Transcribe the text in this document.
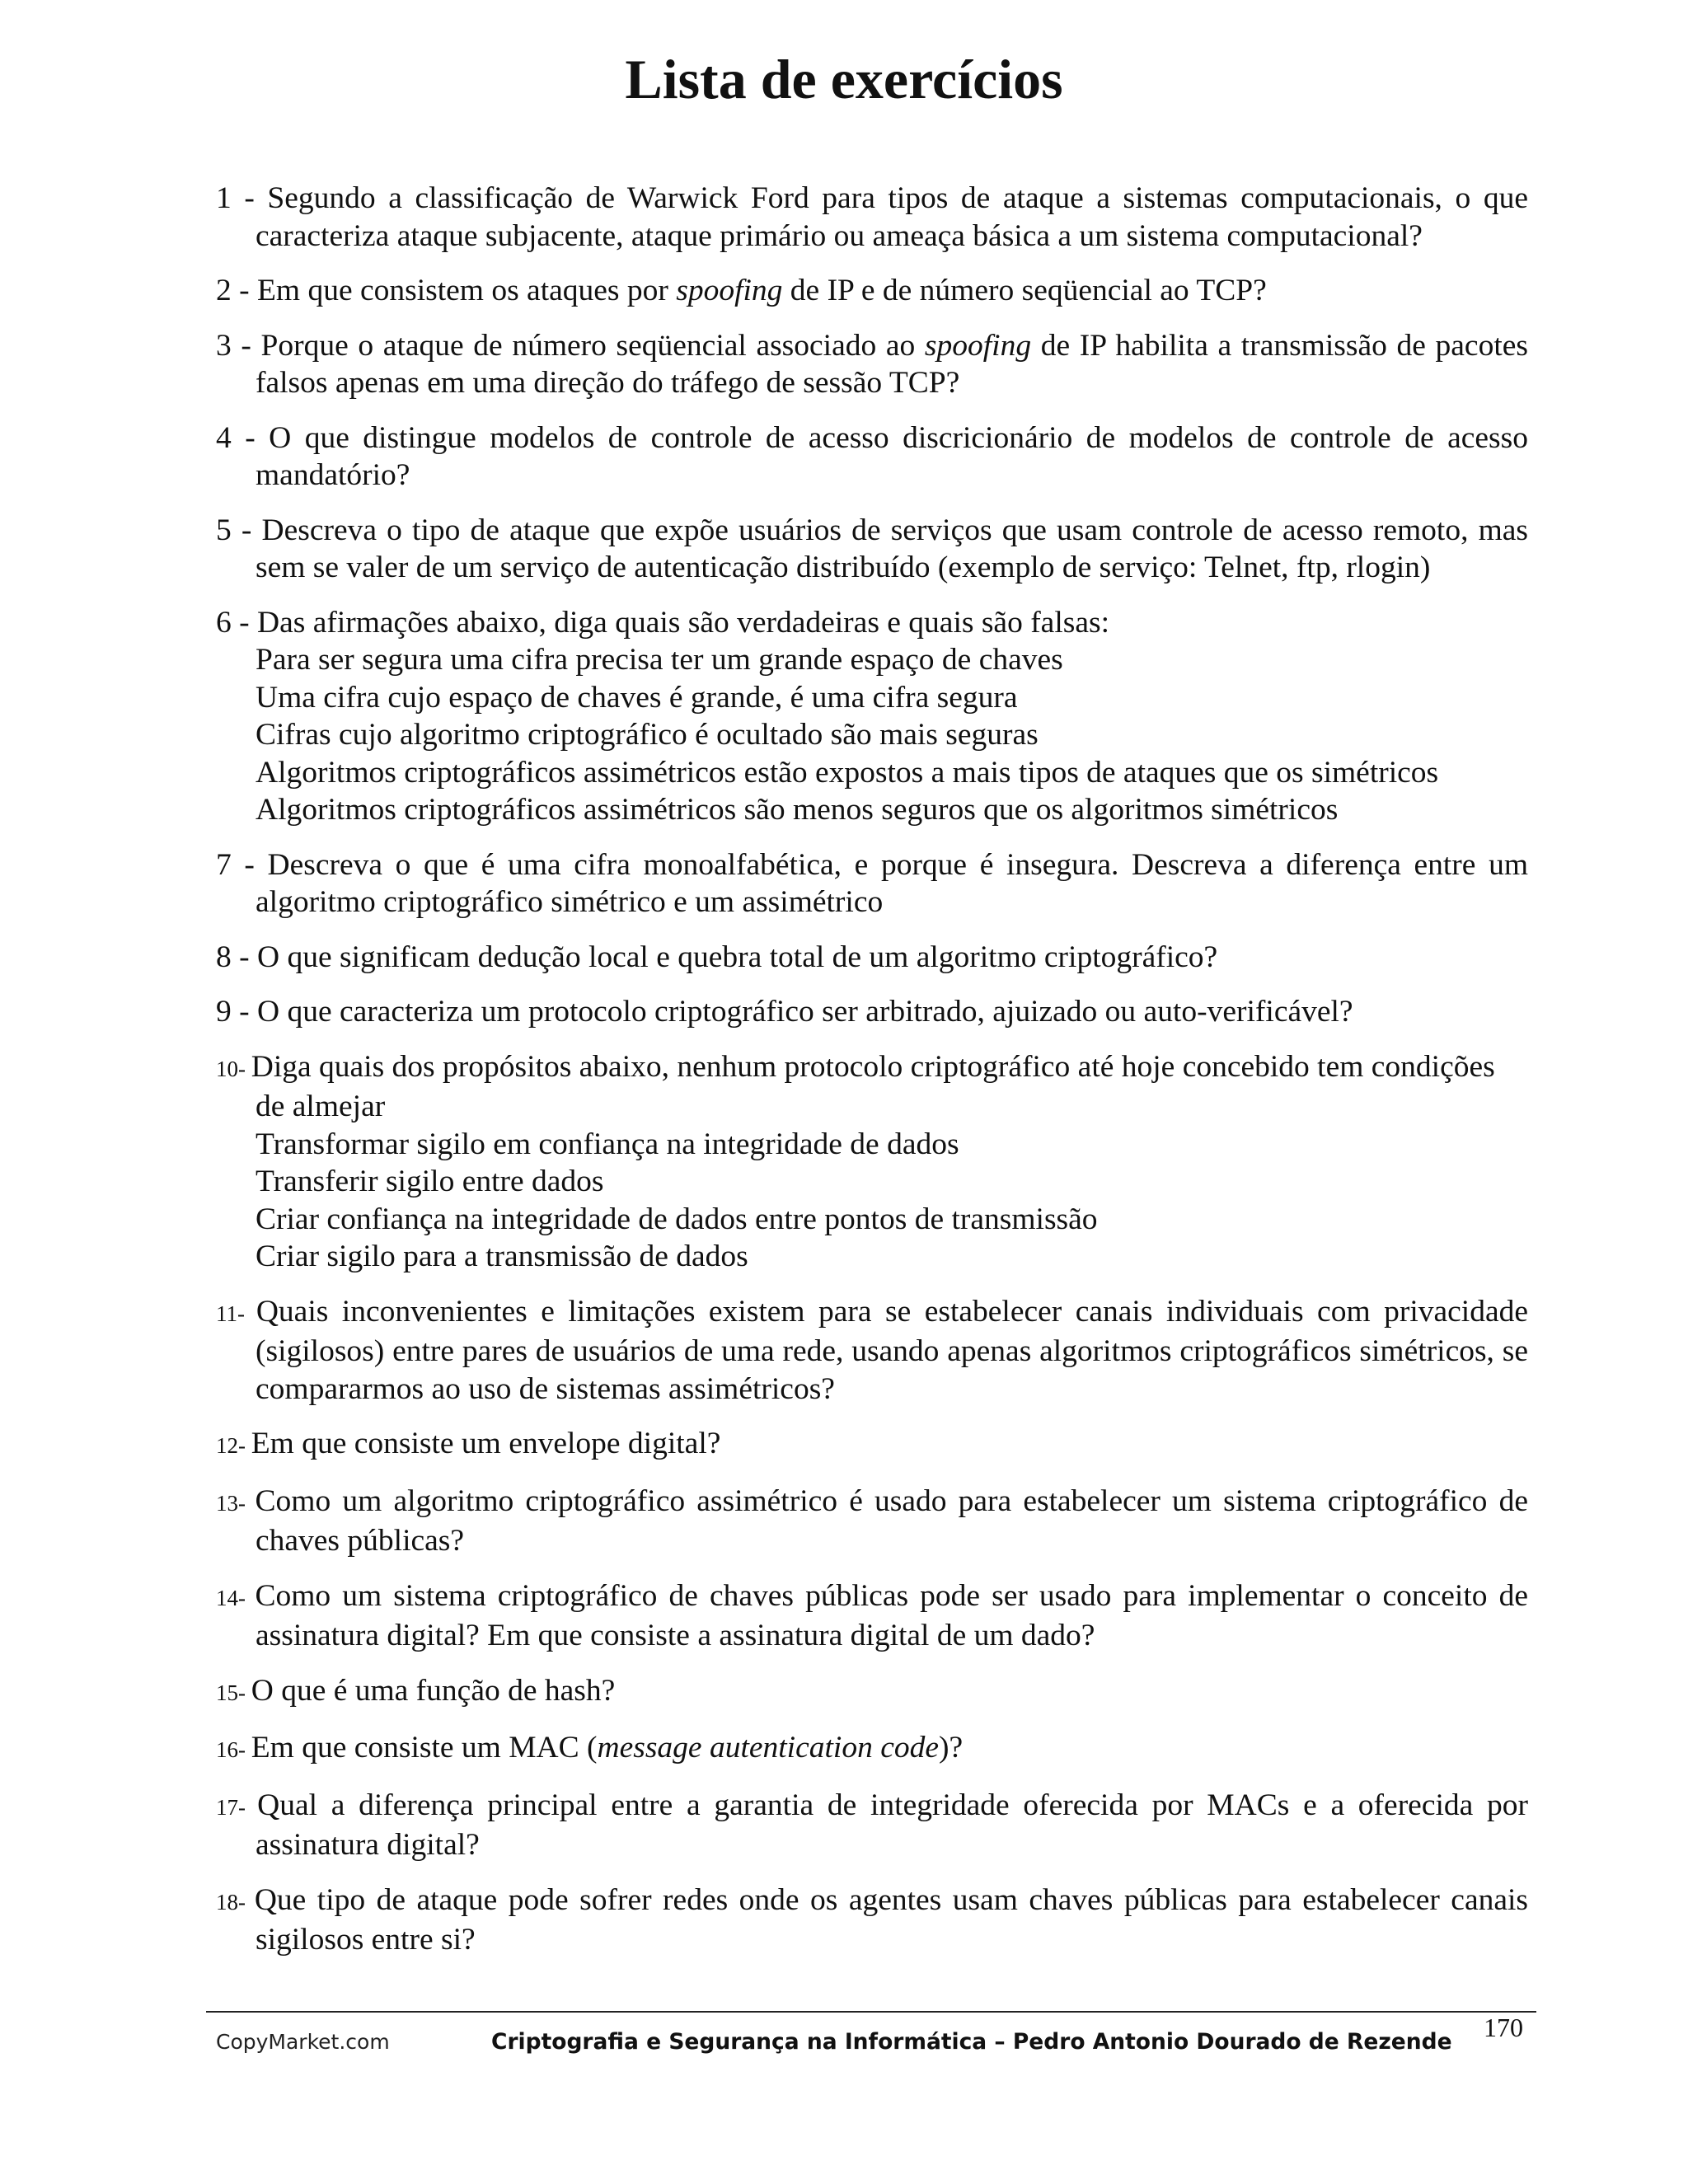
Lista de exercícios

1 - Segundo a classificação de Warwick Ford para tipos de ataque a sistemas computacionais, o que caracteriza ataque subjacente, ataque primário ou ameaça básica a um sistema computacional?

2 - Em que consistem os ataques por spoofing de IP e de número seqüencial ao TCP?

3 - Porque o ataque de número seqüencial associado ao spoofing de IP habilita a transmissão de pacotes falsos apenas em uma direção do tráfego de sessão TCP?

4 - O que distingue modelos de controle de acesso discricionário de modelos de controle de acesso mandatório?

5 - Descreva o tipo de ataque que expõe usuários de serviços que usam controle de acesso remoto, mas sem se valer de um serviço de autenticação distribuído (exemplo de serviço: Telnet, ftp, rlogin)

6 - Das afirmações abaixo, diga quais são verdadeiras e quais são falsas:
Para ser segura uma cifra precisa ter um grande espaço de chaves
Uma cifra cujo espaço de chaves é grande, é uma cifra segura
Cifras cujo algoritmo criptográfico é ocultado são mais seguras
Algoritmos criptográficos assimétricos estão expostos a mais tipos de ataques que os simétricos
Algoritmos criptográficos assimétricos são menos seguros que os algoritmos simétricos

7 - Descreva o que é uma cifra monoalfabética, e porque é insegura. Descreva a diferença entre um algoritmo criptográfico simétrico e um assimétrico

8 - O que significam dedução local e quebra total de um algoritmo criptográfico?

9 - O que caracteriza um protocolo criptográfico ser arbitrado, ajuizado ou auto-verificável?

10- Diga quais dos propósitos abaixo, nenhum protocolo criptográfico até hoje concebido tem condições de almejar
Transformar sigilo em confiança na integridade de dados
Transferir sigilo entre dados
Criar confiança na integridade de dados entre pontos de transmissão
Criar sigilo para a transmissão de dados

11- Quais inconvenientes e limitações existem para se estabelecer canais individuais com privacidade (sigilosos) entre pares de usuários de uma rede, usando apenas algoritmos criptográficos simétricos, se compararmos ao uso de sistemas assimétricos?

12- Em que consiste um envelope digital?

13- Como um algoritmo criptográfico assimétrico é usado para estabelecer um sistema criptográfico de chaves públicas?

14- Como um sistema criptográfico de chaves públicas pode ser usado para implementar o conceito de assinatura digital? Em que consiste a assinatura digital de um dado?

15- O que é uma função de hash?

16- Em que consiste um MAC (message autentication code)?

17- Qual a diferença principal entre a garantia de integridade oferecida por MACs e a oferecida por assinatura digital?

18- Que tipo de ataque pode sofrer redes onde os agentes usam chaves públicas para estabelecer canais sigilosos entre si?

170
CopyMarket.com	Criptografia e Segurança na Informática – Pedro Antonio Dourado de Rezende
